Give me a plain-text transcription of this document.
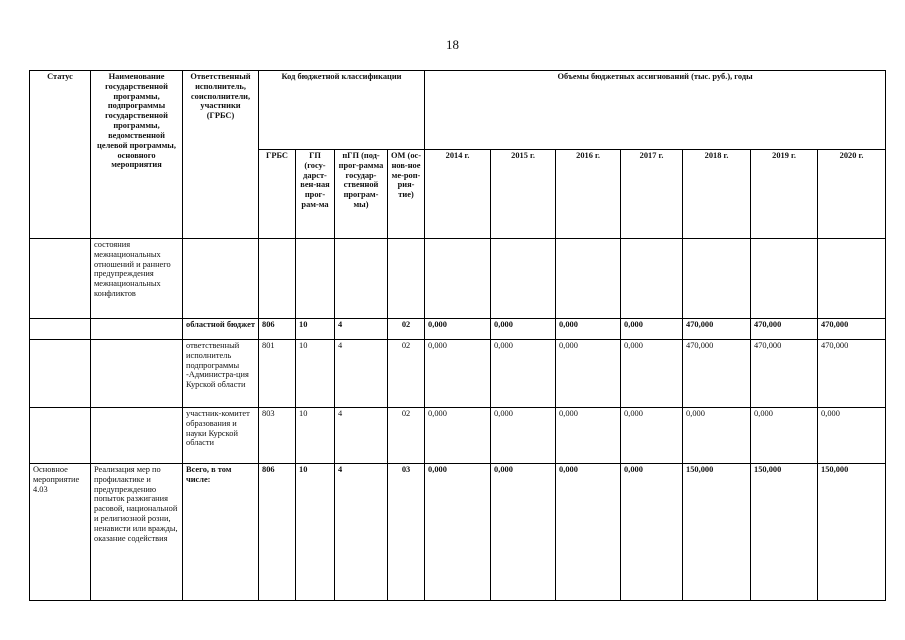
18
Статус	Наименование государственной программы, подпрограммы государственной программы, ведомственной целевой программы, основного мероприятия	Ответственный исполнитель, соисполнители, участники (ГРБС)	Код бюджетной классификации				Объемы бюджетных ассигнований (тыс. руб.), годы						
			ГРБС	ГП (госу-дарст-вен-ная прог-рам-ма	пГП (под-прог-рамма государ-ственной програм-мы)	ОМ (ос-нов-ное ме-роп-рия-тие)	2014 г.	2015 г.	2016 г.	2017 г.	2018 г.	2019 г.	2020 г.
	состояния межнациональных отношений и раннего предупреждения межнациональных конфликтов												
		областной бюджет	806	10	4	02	0,000	0,000	0,000	0,000	470,000	470,000	470,000
		ответственный исполнитель подпрограммы -Администра-ция Курской области	801	10	4	02	0,000	0,000	0,000	0,000	470,000	470,000	470,000
		участник-комитет образования и науки Курской области	803	10	4	02	0,000	0,000	0,000	0,000	0,000	0,000	0,000
Основное мероприятие 4.03	Реализация мер по профилактике и предупреждению попыток разжигания расовой, национальной и религиозной розни, ненависти или вражды, оказание содействия	Всего, в том числе:	806	10	4	03	0,000	0,000	0,000	0,000	150,000	150,000	150,000
